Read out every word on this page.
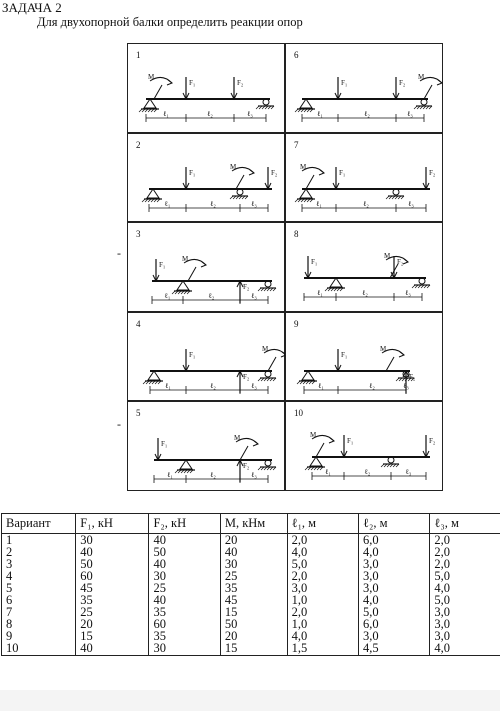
ЗАДАЧА 2
Для двухопорной балки определить реакции опор
-
-
1
F₁	F₂
M
ℓ₁	ℓ₂	ℓ₃
2
F₁	F₂
M
ℓ₁	ℓ₂	ℓ₃
3
F₁
F₂
M
ℓ₁	ℓ₂	ℓ₃
4
F₁
F₂
M
ℓ₁	ℓ₂	ℓ₃
5
F₁
F₂
M
ℓ₁	ℓ₂	ℓ₃
6
F₁	F₂
M
ℓ₁	ℓ₂	ℓ₃
7
F₁	F₂
M
ℓ₁	ℓ₂	ℓ₃
8
F₁	F₂
M
ℓ₁	ℓ₂	ℓ₃
9
F₁
F₂
M
ℓ₁	ℓ₂	ℓ₃
10
F₁	F₂
M
ℓ₁	ℓ₂	ℓ₃
Вариант	F₁, кН	F₂, кН	М, кНм	ℓ₁, м	ℓ₂, м	ℓ₃, м
1	30	40	20	2,0	6,0	2,0
2	40	50	40	4,0	4,0	2,0
3	50	40	30	5,0	3,0	2,0
4	60	30	25	2,0	3,0	5,0
5	45	25	35	3,0	3,0	4,0
6	35	40	45	1,0	4,0	5,0
7	25	35	15	2,0	5,0	3,0
8	20	60	50	1,0	6,0	3,0
9	15	35	20	4,0	3,0	3,0
10	40	30	15	1,5	4,5	4,0
